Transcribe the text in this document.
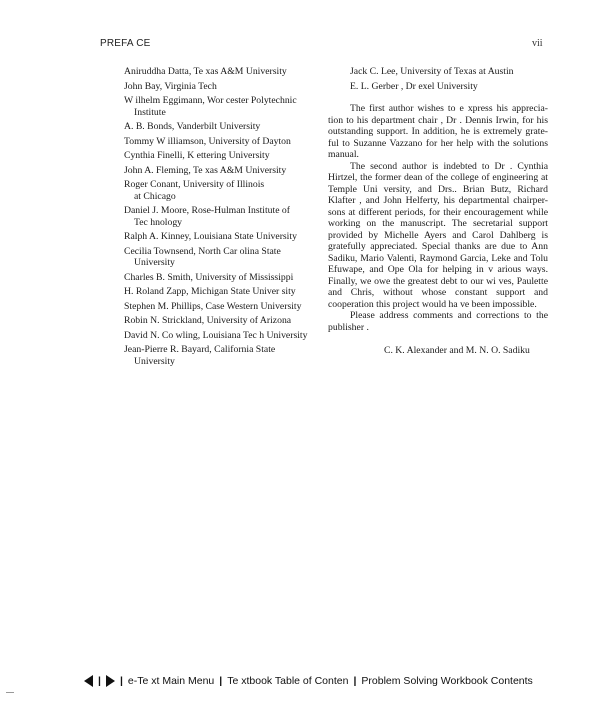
PREFA CE	vii
Aniruddha Datta, Te xas A&M University
John Bay, Virginia Tech
W ilhelm Eggimann, Wor cester Polytechnic
Institute
A. B. Bonds, Vanderbilt University
Tommy W illiamson, University of Dayton
Cynthia Finelli, K ettering University
John A. Fleming, Te xas A&M University
Roger Conant, University of Illinois
at Chicago
Daniel J. Moore, Rose-Hulman Institute of
Tec hnology
Ralph A. Kinney, Louisiana State University
Cecilia Townsend, North Car olina State
University
Charles B. Smith, University of Mississippi
H. Roland Zapp, Michigan State Univer sity
Stephen M. Phillips, Case Western University
Robin N. Strickland, University of Arizona
David N. Co wling, Louisiana Tec h University
Jean-Pierre R. Bayard, California State
University
Jack C. Lee, University of Texas at Austin
E. L. Gerber , Dr exel University

The first author wishes to e xpress his apprecia-tion to his department chair , Dr . Dennis Irwin, for his outstanding support. In addition, he is extremely grate-ful to Suzanne Vazzano for her help with the solutions manual.

The second author is indebted to Dr . Cynthia Hirtzel, the former dean of the college of engineering at Temple Uni versity, and Drs.. Brian Butz, Richard Klafter , and John Helferty, his departmental chairper-sons at different periods, for their encouragement while working on the manuscript. The secretarial support provided by Michelle Ayers and Carol Dahlberg is gratefully appreciated. Special thanks are due to Ann Sadiku, Mario Valenti, Raymond Garcia, Leke and Tolu Efuwape, and Ope Ola for helping in v arious ways. Finally, we owe the greatest debt to our wi ves, Paulette and Chris, without whose constant support and cooperation this project would ha ve been impossible.

Please address comments and corrections to the publisher .

C. K. Alexander and M. N. O. Sadiku

| | e-Te xt Main Menu | Te xtbook Table of Conten | Problem Solving Workbook Contents
